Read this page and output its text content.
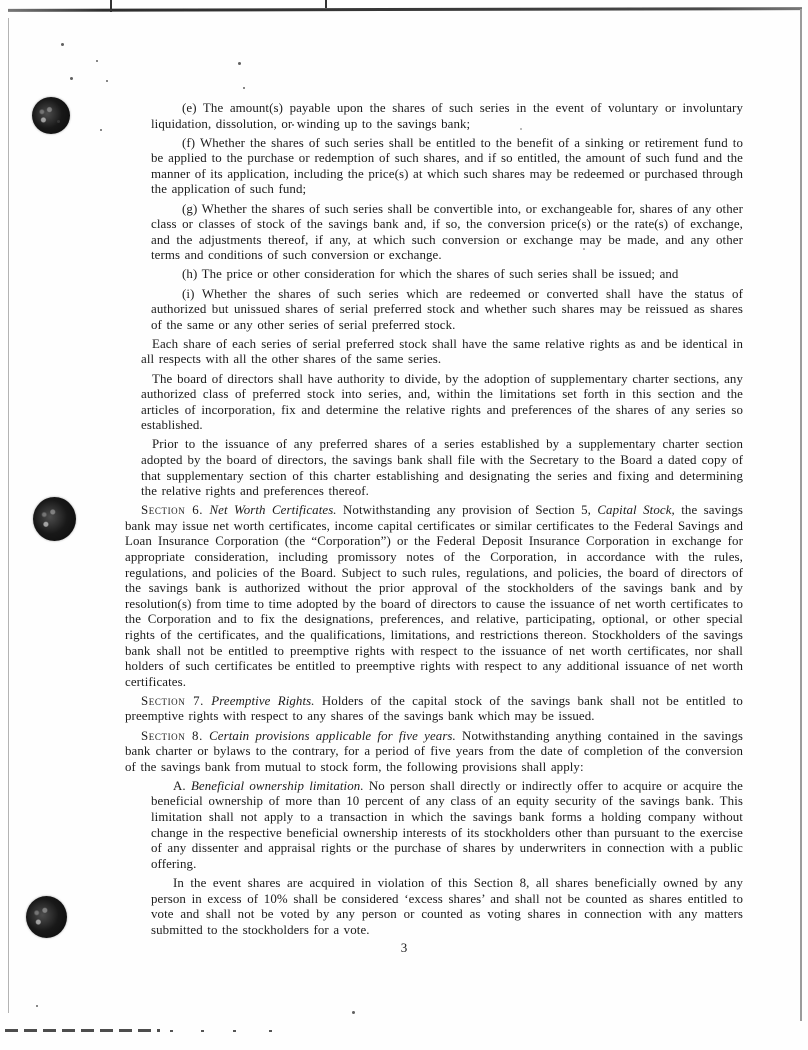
(e) The amount(s) payable upon the shares of such series in the event of voluntary or involuntary liquidation, dissolution, or winding up to the savings bank;

(f) Whether the shares of such series shall be entitled to the benefit of a sinking or retirement fund to be applied to the purchase or redemption of such shares, and if so entitled, the amount of such fund and the manner of its application, including the price(s) at which such shares may be redeemed or purchased through the application of such fund;

(g) Whether the shares of such series shall be convertible into, or exchangeable for, shares of any other class or classes of stock of the savings bank and, if so, the conversion price(s) or the rate(s) of exchange, and the adjustments thereof, if any, at which such conversion or exchange may be made, and any other terms and conditions of such conversion or exchange.

(h) The price or other consideration for which the shares of such series shall be issued; and

(i) Whether the shares of such series which are redeemed or converted shall have the status of authorized but unissued shares of serial preferred stock and whether such shares may be reissued as shares of the same or any other series of serial preferred stock.

Each share of each series of serial preferred stock shall have the same relative rights as and be identical in all respects with all the other shares of the same series.

The board of directors shall have authority to divide, by the adoption of supplementary charter sections, any authorized class of preferred stock into series, and, within the limitations set forth in this section and the articles of incorporation, fix and determine the relative rights and preferences of the shares of any series so established.

Prior to the issuance of any preferred shares of a series established by a supplementary charter section adopted by the board of directors, the savings bank shall file with the Secretary to the Board a dated copy of that supplementary section of this charter establishing and designating the series and fixing and determining the relative rights and preferences thereof.

Section 6. Net Worth Certificates. Notwithstanding any provision of Section 5, Capital Stock, the savings bank may issue net worth certificates, income capital certificates or similar certificates to the Federal Savings and Loan Insurance Corporation (the “Corporation”) or the Federal Deposit Insurance Corporation in exchange for appropriate consideration, including promissory notes of the Corporation, in accordance with the rules, regulations, and policies of the Board. Subject to such rules, regulations, and policies, the board of directors of the savings bank is authorized without the prior approval of the stockholders of the savings bank and by resolution(s) from time to time adopted by the board of directors to cause the issuance of net worth certificates to the Corporation and to fix the designations, preferences, and relative, participating, optional, or other special rights of the certificates, and the qualifications, limitations, and restrictions thereon. Stockholders of the savings bank shall not be entitled to preemptive rights with respect to the issuance of net worth certificates, nor shall holders of such certificates be entitled to preemptive rights with respect to any additional issuance of net worth certificates.

Section 7. Preemptive Rights. Holders of the capital stock of the savings bank shall not be entitled to preemptive rights with respect to any shares of the savings bank which may be issued.

Section 8. Certain provisions applicable for five years. Notwithstanding anything contained in the savings bank charter or bylaws to the contrary, for a period of five years from the date of completion of the conversion of the savings bank from mutual to stock form, the following provisions shall apply:

A. Beneficial ownership limitation. No person shall directly or indirectly offer to acquire or acquire the beneficial ownership of more than 10 percent of any class of an equity security of the savings bank. This limitation shall not apply to a transaction in which the savings bank forms a holding company without change in the respective beneficial ownership interests of its stockholders other than pursuant to the exercise of any dissenter and appraisal rights or the purchase of shares by underwriters in connection with a public offering.

In the event shares are acquired in violation of this Section 8, all shares beneficially owned by any person in excess of 10% shall be considered ‘excess shares’ and shall not be counted as shares entitled to vote and shall not be voted by any person or counted as voting shares in connection with any matters submitted to the stockholders for a vote.

3
